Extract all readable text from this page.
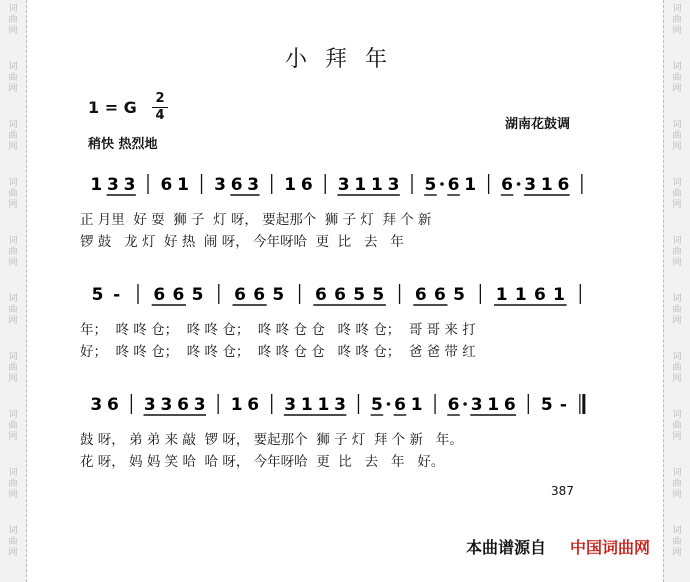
词
曲
网
词
曲
网
词
曲
网
词
曲
网
词
曲
网
词
曲
网
词
曲
网
词
曲
网
词
曲
网
词
曲
网
词
曲
网
词
曲
网
词
曲
网
词
曲
网
词
曲
网
词
曲
网
词
曲
网
词
曲
网
词
曲
网
词
曲
网
小拜年
1 = G 2
4
稍快 热烈地
湖南花鼓调
1 3 3 6 1 3 6 3 1 6 3 1 1 3 5 6 1 6 3 1 6
5 - 6 6 5 6 6 5 6 6 5 5 6 6 5 1 1 6 1
3 6 3 3 6 3 1 6 3 1 1 3 5 6 1 6 3 1 6 5 -
正 月里  好 耍  狮 子  灯 呀， 要起那个  狮 子 灯  拜 个 新
锣 鼓   龙 灯  好 热  闹 呀， 今年呀哈  更  比   去   年
年；  咚 咚 仓；  咚 咚 仓；  咚 咚 仓 仓   咚 咚 仓；  哥 哥 来 打
好；  咚 咚 仓；  咚 咚 仓；  咚 咚 仓 仓   咚 咚 仓；  爸 爸 带 红
鼓 呀， 弟 弟 来 敲  锣 呀， 要起那个  狮 子 灯  拜 个 新   年。
花 呀， 妈 妈 笑 哈  哈 呀， 今年呀哈  更  比   去   年   好。
387
本曲谱源自 中国词曲网
